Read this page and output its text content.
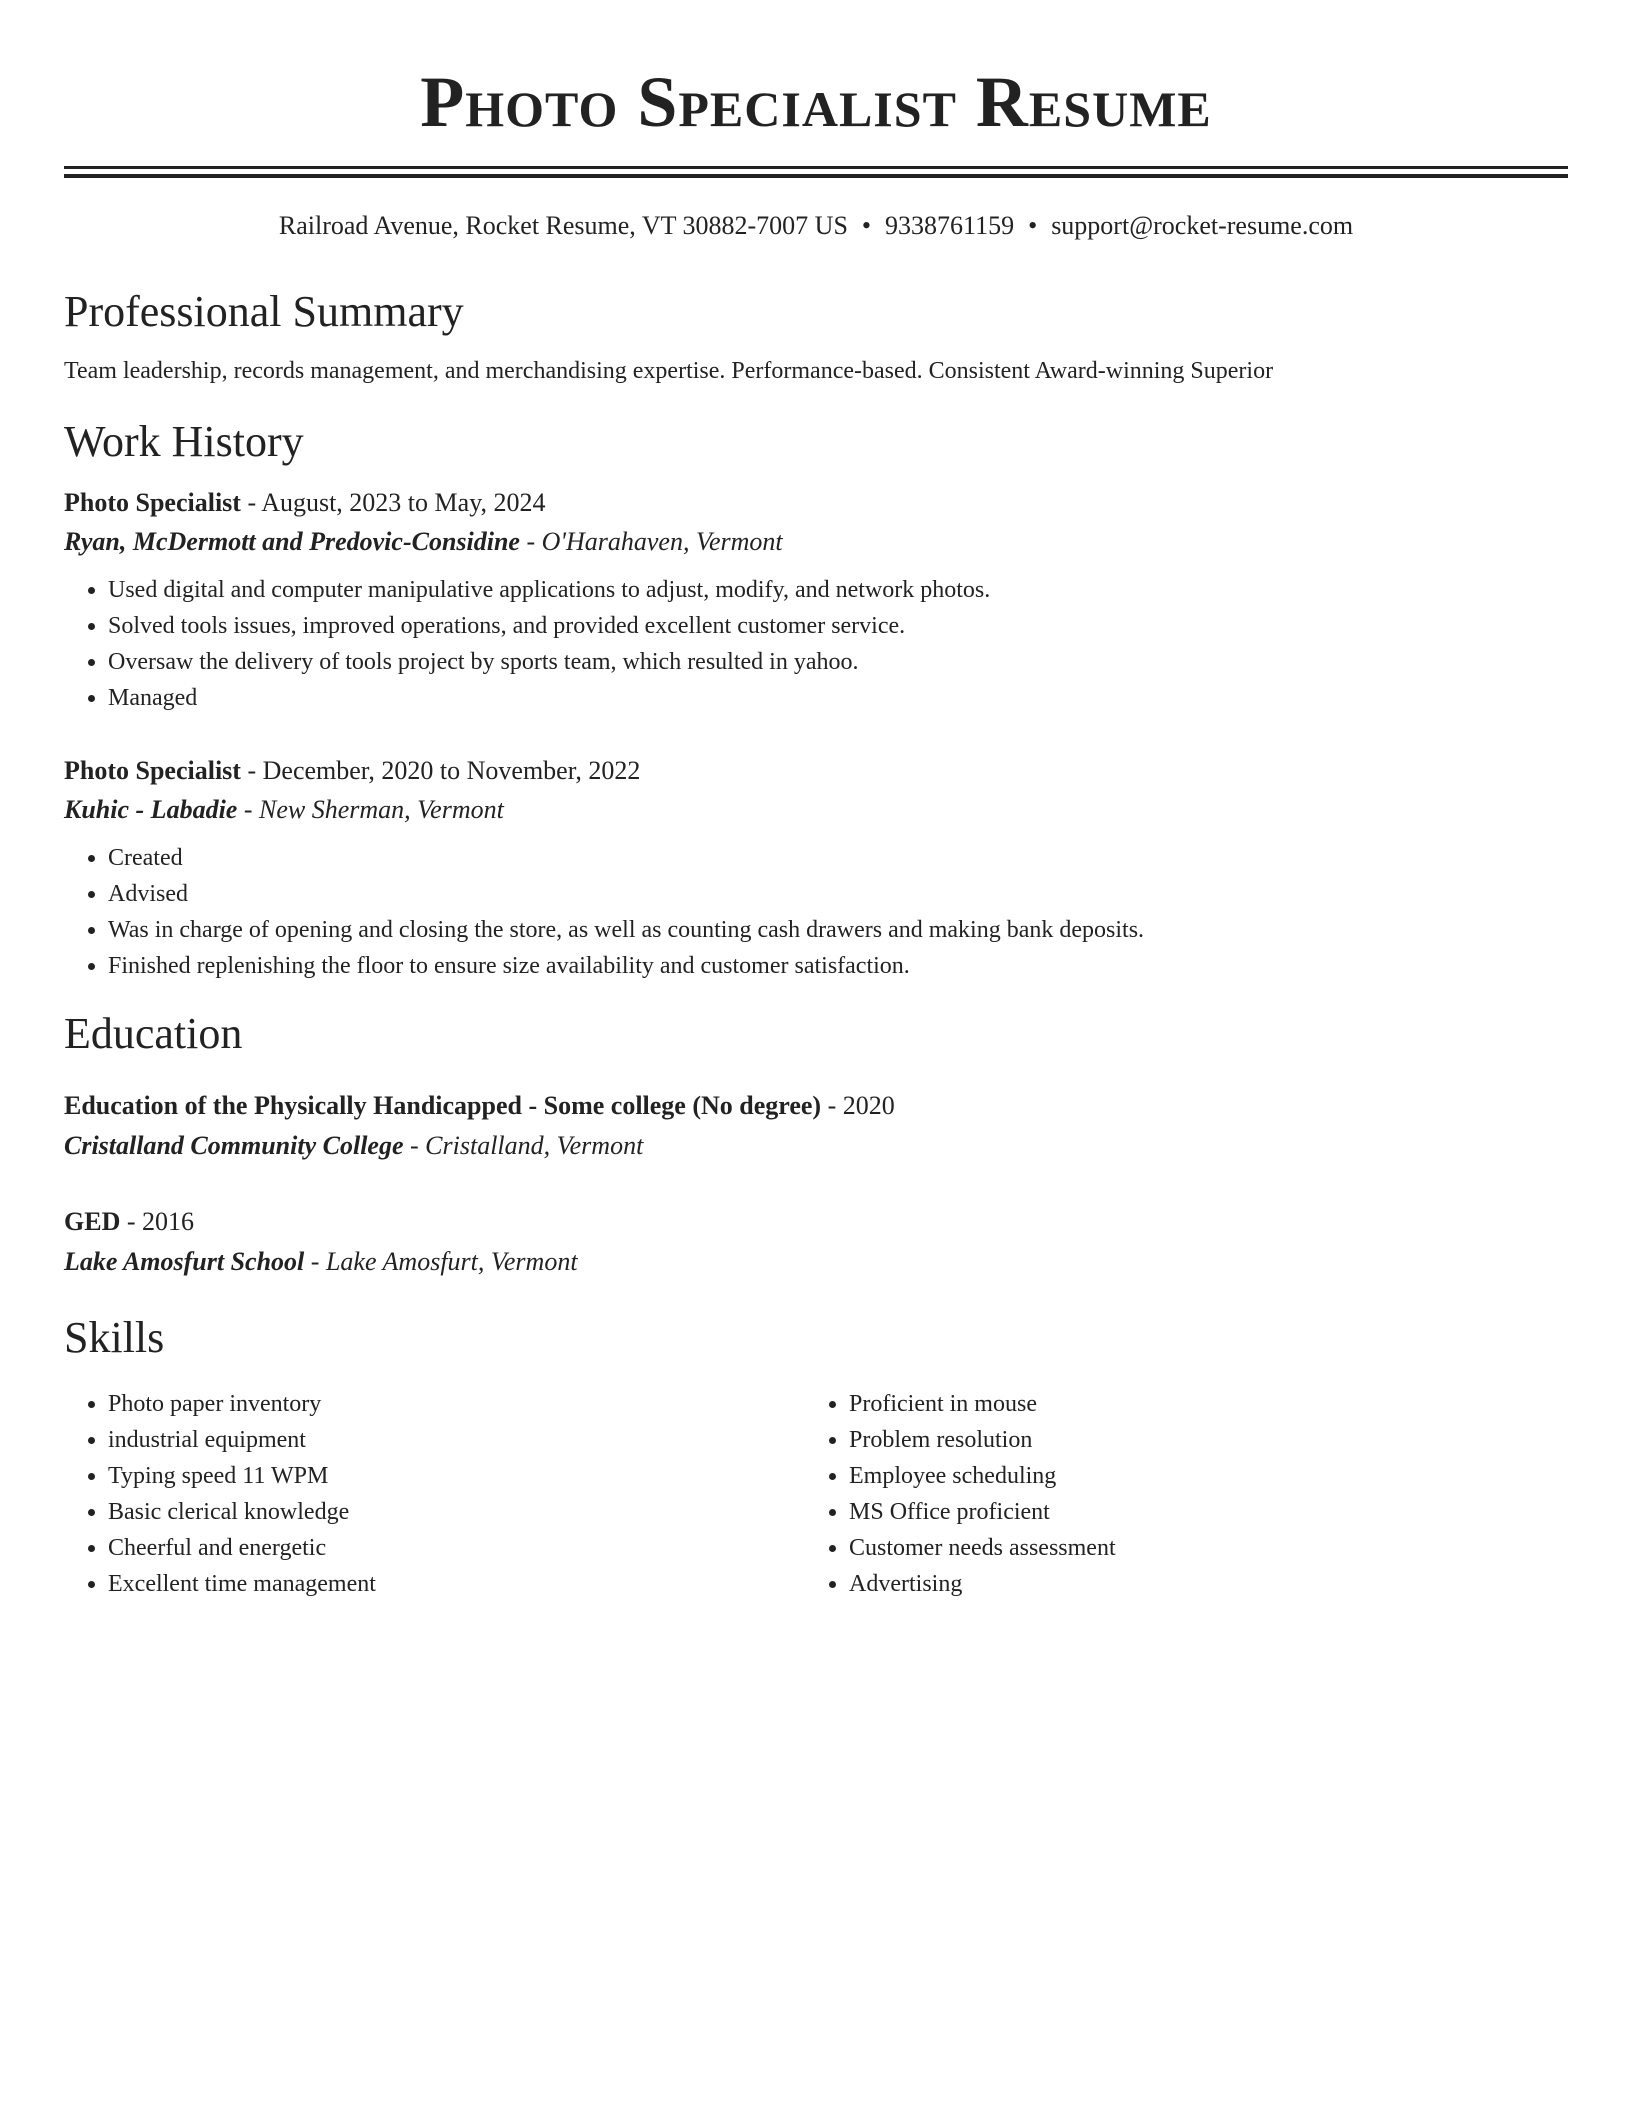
Photo Specialist Resume
Railroad Avenue, Rocket Resume, VT 30882-7007 US • 9338761159 • support@rocket-resume.com
Professional Summary
Team leadership, records management, and merchandising expertise. Performance-based. Consistent Award-winning Superior
Work History
Photo Specialist - August, 2023 to May, 2024
Ryan, McDermott and Predovic-Considine - O'Harahaven, Vermont
• Used digital and computer manipulative applications to adjust, modify, and network photos.
• Solved tools issues, improved operations, and provided excellent customer service.
• Oversaw the delivery of tools project by sports team, which resulted in yahoo.
• Managed
Photo Specialist - December, 2020 to November, 2022
Kuhic - Labadie - New Sherman, Vermont
• Created
• Advised
• Was in charge of opening and closing the store, as well as counting cash drawers and making bank deposits.
• Finished replenishing the floor to ensure size availability and customer satisfaction.
Education
Education of the Physically Handicapped - Some college (No degree) - 2020
Cristalland Community College - Cristalland, Vermont
GED - 2016
Lake Amosfurt School - Lake Amosfurt, Vermont
Skills
• Photo paper inventory
• industrial equipment
• Typing speed 11 WPM
• Basic clerical knowledge
• Cheerful and energetic
• Excellent time management
• Proficient in mouse
• Problem resolution
• Employee scheduling
• MS Office proficient
• Customer needs assessment
• Advertising
